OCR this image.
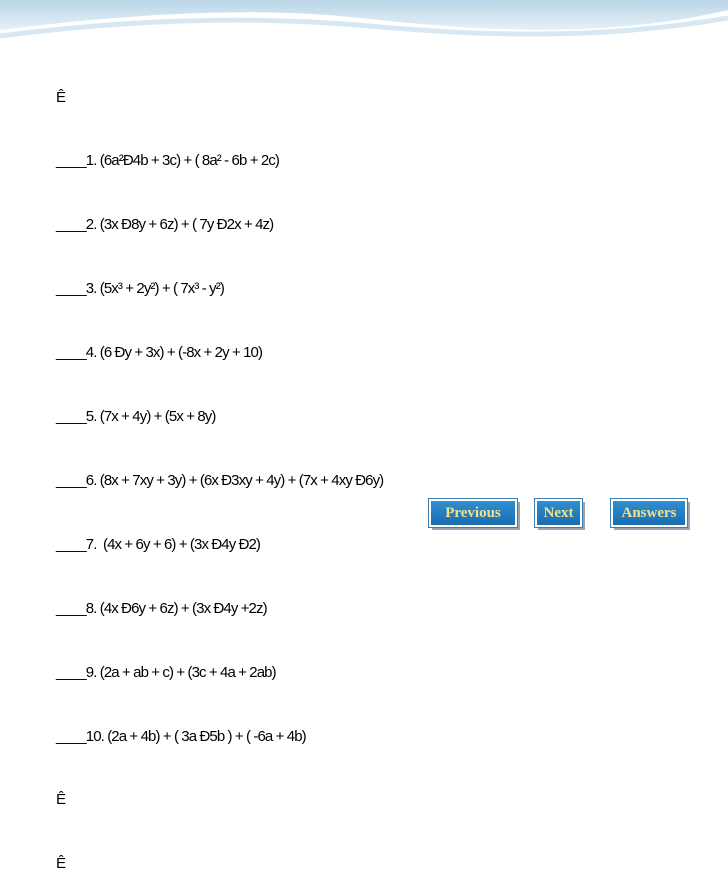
Ê

____1. (6a²Ð4b + 3c) + ( 8a² - 6b + 2c)

____2. (3x Ð8y + 6z) + ( 7y Ð2x + 4z)

____3. (5x³ + 2y²) + ( 7x³ - y²)

____4. (6 Ðy + 3x) + (-8x + 2y + 10)

____5. (7x + 4y) + (5x + 8y)

____6. (8x + 7xy + 3y) + (6x Ð3xy + 4y) + (7x + 4xy Ð6y)

____7.  (4x + 6y + 6) + (3x Ð4y Ð2)

____8. (4x Ð6y + 6z) + (3x Ð4y +2z)

____9. (2a + ab + c) + (3c + 4a + 2ab)

____10. (2a + 4b) + ( 3a Ð5b ) + ( -6a + 4b)

Ê

Ê

Previous	Next	Answers
